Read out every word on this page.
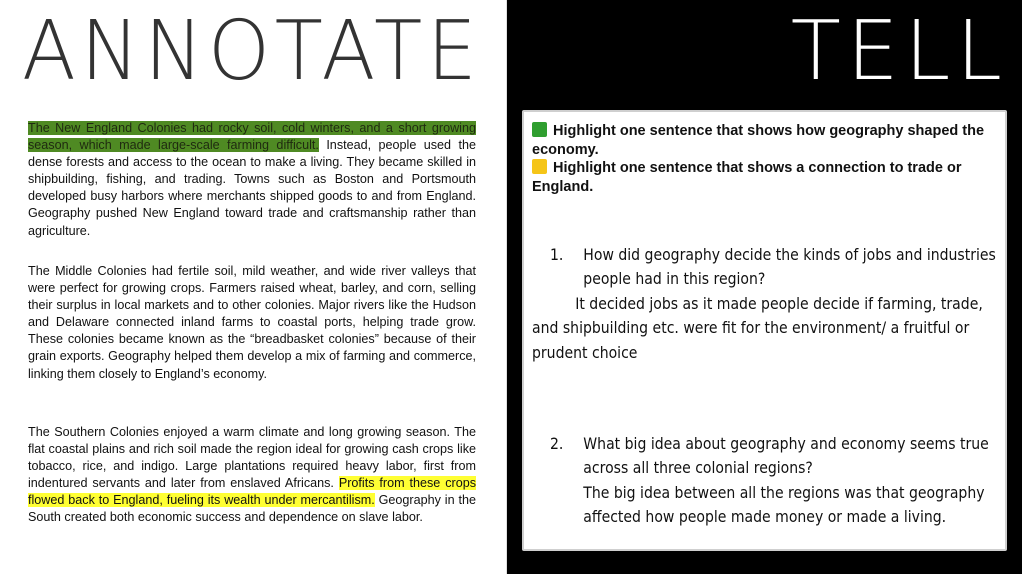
ANNOTATE

The New England Colonies had rocky soil, cold winters, and a short growing season, which made large-scale farming difficult. Instead, people used the dense forests and access to the ocean to make a living. They became skilled in shipbuilding, fishing, and trading. Towns such as Boston and Portsmouth developed busy harbors where merchants shipped goods to and from England. Geography pushed New England toward trade and craftsmanship rather than agriculture.

The Middle Colonies had fertile soil, mild weather, and wide river valleys that were perfect for growing crops. Farmers raised wheat, barley, and corn, selling their surplus in local markets and to other colonies. Major rivers like the Hudson and Delaware connected inland farms to coastal ports, helping trade grow. These colonies became known as the “breadbasket colonies” because of their grain exports. Geography helped them develop a mix of farming and commerce, linking them closely to England’s economy.

The Southern Colonies enjoyed a warm climate and long growing season. The flat coastal plains and rich soil made the region ideal for growing cash crops like tobacco, rice, and indigo. Large plantations required heavy labor, first from indentured servants and later from enslaved Africans. Profits from these crops flowed back to England, fueling its wealth under mercantilism. Geography in the South created both economic success and dependence on slave labor.

TELL
Highlight one sentence that shows how geography shaped the economy.
Highlight one sentence that shows a connection to trade or England.
1. How did geography decide the kinds of jobs and industries people had in this region?
It decided jobs as it made people decide if farming, trade, and shipbuilding etc. were fit for the environment/ a fruitful or prudent choice
2. What big idea about geography and economy seems true across all three colonial regions?
The big idea between all the regions was that geography affected how people made money or made a living.
